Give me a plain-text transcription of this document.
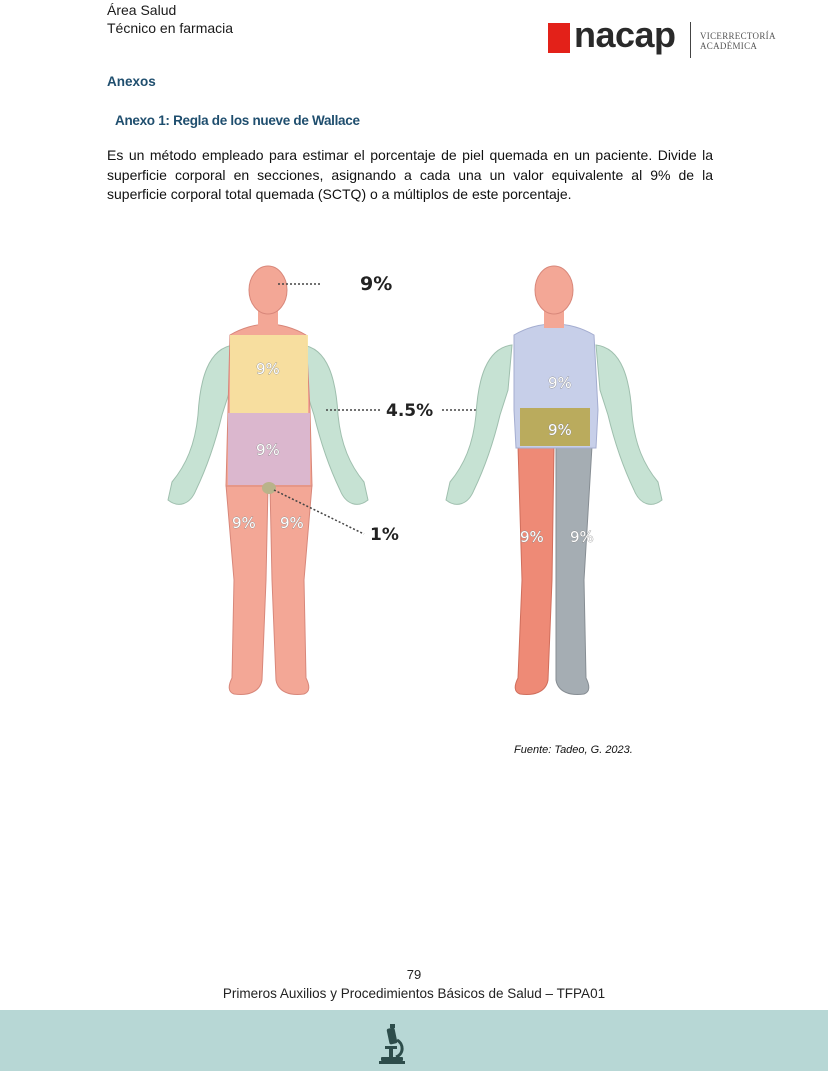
Área Salud
Técnico en farmacia	nacap	VICERRECTORÍA
ACADÉMICA
Anexos
Anexo 1: Regla de los nueve de Wallace
Es un método empleado para estimar el porcentaje de piel quemada en un paciente. Divide la superficie corporal en secciones, asignando a cada una un valor equivalente al 9% de la superficie corporal total quemada (SCTQ) o a múltiplos de este porcentaje.
9%
4.5%
1%
9%
9%
9% 9%
9%
9%
9% 9%
Fuente: Tadeo, G. 2023.
79
Primeros Auxilios y Procedimientos Básicos de Salud – TFPA01
